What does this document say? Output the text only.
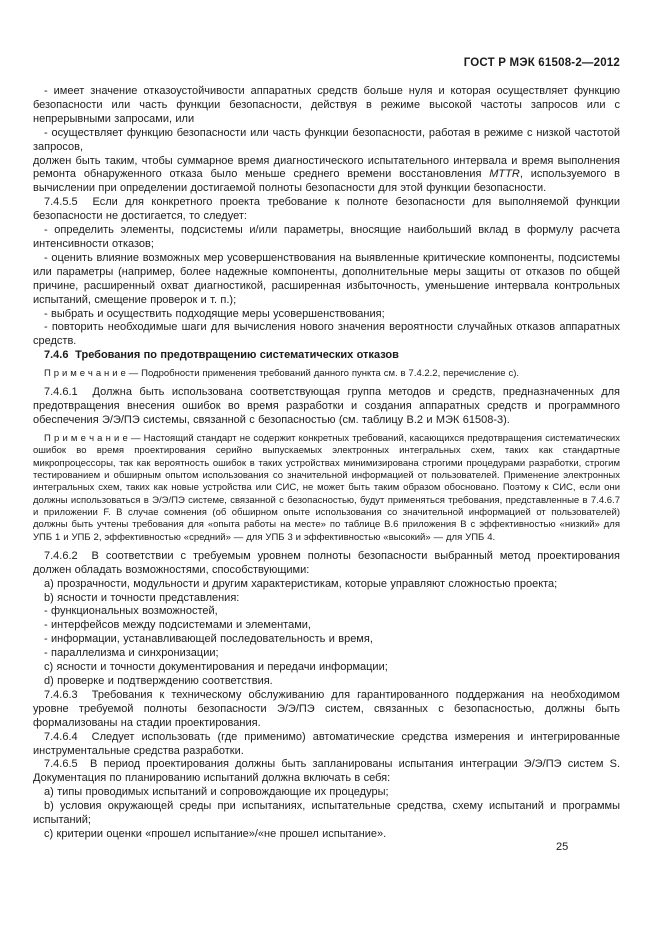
ГОСТ Р МЭК 61508-2—2012

- имеет значение отказоустойчивости аппаратных средств больше нуля и которая осуществляет функцию безопасности или часть функции безопасности, действуя в режиме высокой частоты запросов или с непрерывными запросами, или

- осуществляет функцию безопасности или часть функции безопасности, работая в режиме с низкой частотой запросов,

должен быть таким, чтобы суммарное время диагностического испытательного интервала и время выполнения ремонта обнаруженного отказа было меньше среднего времени восстановления MTTR, используемого в вычислении при определении достигаемой полноты безопасности для этой функции безопасности.

7.4.5.5  Если для конкретного проекта требование к полноте безопасности для выполняемой функции безопасности не достигается, то следует:

- определить элементы, подсистемы и/или параметры, вносящие наибольший вклад в формулу расчета интенсивности отказов;

- оценить влияние возможных мер усовершенствования на выявленные критические компоненты, подсистемы или параметры (например, более надежные компоненты, дополнительные меры защиты от отказов по общей причине, расширенный охват диагностикой, расширенная избыточность, уменьшение интервала контрольных испытаний, смещение проверок и т. п.);

- выбрать и осуществить подходящие меры усовершенствования;

- повторить необходимые шаги для вычисления нового значения вероятности случайных отказов аппаратных средств.

7.4.6  Требования по предотвращению систематических отказов

П р и м е ч а н и е — Подробности применения требований данного пункта см. в 7.4.2.2, перечисление с).

7.4.6.1  Должна быть использована соответствующая группа методов и средств, предназначенных для предотвращения внесения ошибок во время разработки и создания аппаратных средств и программного обеспечения Э/Э/ПЭ системы, связанной с безопасностью (см. таблицу В.2 и МЭК 61508-3).

П р и м е ч а н и е — Настоящий стандарт не содержит конкретных требований, касающихся предотвращения систематических ошибок во время проектирования серийно выпускаемых электронных интегральных схем, таких как стандартные микропроцессоры, так как вероятность ошибок в таких устройствах минимизирована строгими процедурами разработки, строгим тестированием и обширным опытом использования со значительной информацией от пользователей. Применение электронных интегральных схем, таких как новые устройства или СИС, не может быть таким образом обосновано. Поэтому к СИС, если они должны использоваться в Э/Э/ПЭ системе, связанной с безопасностью, будут применяться требования, представленные в 7.4.6.7 и приложении F. В случае сомнения (об обширном опыте использования со значительной информацией от пользователей) должны быть учтены требования для «опыта работы на месте» по таблице В.6 приложения В с эффективностью «низкий» для УПБ 1 и УПБ 2, эффективностью «средний» — для УПБ 3 и эффективностью «высокий» — для УПБ 4.

7.4.6.2  В соответствии с требуемым уровнем полноты безопасности выбранный метод проектирования должен обладать возможностями, способствующими:

a) прозрачности, модульности и другим характеристикам, которые управляют сложностью проекта;

b) ясности и точности представления:

- функциональных возможностей,

- интерфейсов между подсистемами и элементами,

- информации, устанавливающей последовательность и время,

- параллелизма и синхронизации;

c) ясности и точности документирования и передачи информации;

d) проверке и подтверждению соответствия.

7.4.6.3  Требования к техническому обслуживанию для гарантированного поддержания на необходимом уровне требуемой полноты безопасности Э/Э/ПЭ систем, связанных с безопасностью, должны быть формализованы на стадии проектирования.

7.4.6.4  Следует использовать (где применимо) автоматические средства измерения и интегрированные инструментальные средства разработки.

7.4.6.5  В период проектирования должны быть запланированы испытания интеграции Э/Э/ПЭ систем S. Документация по планированию испытаний должна включать в себя:

a) типы проводимых испытаний и сопровождающие их процедуры;

b) условия окружающей среды при испытаниях, испытательные средства, схему испытаний и программы испытаний;

c) критерии оценки «прошел испытание»/«не прошел испытание».

25
